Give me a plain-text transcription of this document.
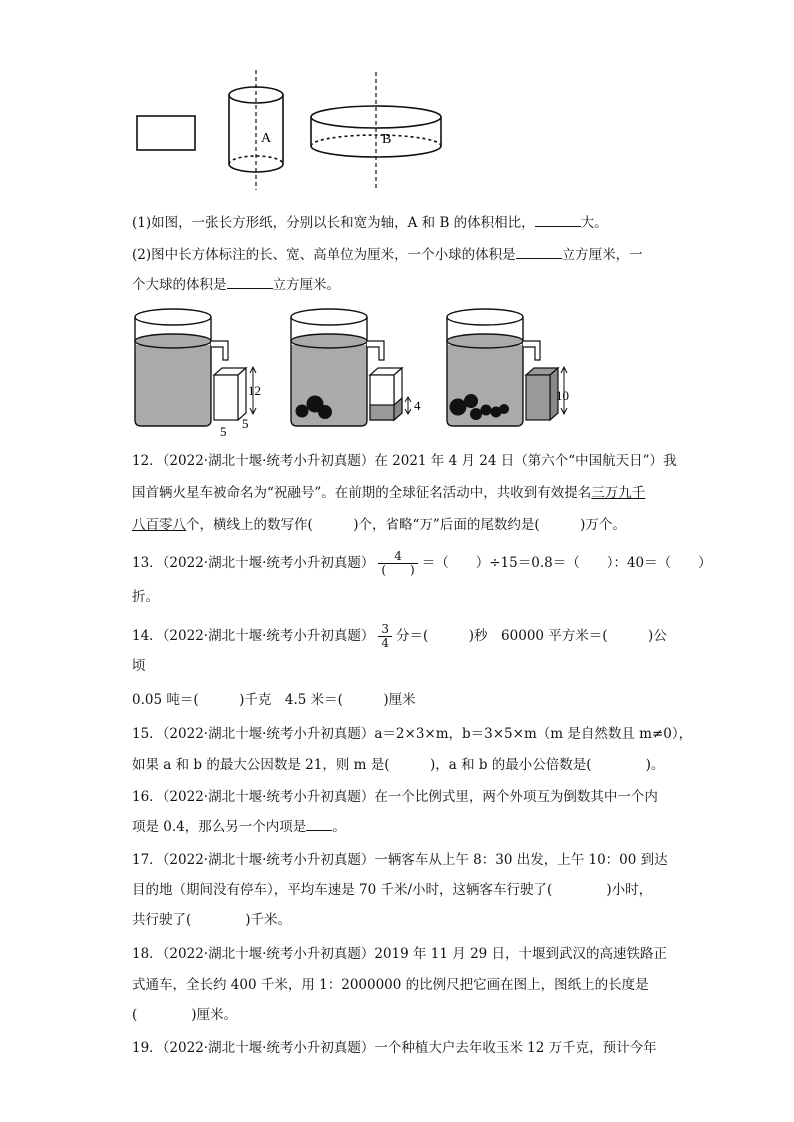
A	B
(1)如图，一张长方形纸，分别以长和宽为轴，A 和 B 的体积相比，	大。
(2)图中长方体标注的长、宽、高单位为厘米，一个小球的体积是	立方厘米，一
个大球的体积是	立方厘米。
12
5
5
4
10
12．（2022·湖北十堰·统考小升初真题）在 2021 年 4 月 24 日（第六个“中国航天日”）我
国首辆火星车被命名为“祝融号”。在前期的全球征名活动中，共收到有效提名三万九千
八百零八个，横线上的数写作(　　　)个，省略“万”后面的尾数约是(　　　)万个。
13．（2022·湖北十堰·统考小升初真题） $\frac{4}{( )}$ ＝（　　）÷15＝0.8＝（　　）：40＝（　　）
折。
14．（2022·湖北十堰·统考小升初真题） $\frac{3}{4}$ 分＝(　　　)秒　60000 平方米＝(　　　)公
顷
0.05 吨＝(　　　)千克　4.5 米＝(　　　)厘米
15．（2022·湖北十堰·统考小升初真题）a＝2×3×m，b＝3×5×m（m 是自然数且 m≠0），
如果 a 和 b 的最大公因数是 21，则 m 是(　　　)，a 和 b 的最小公倍数是(　　　　)。
16．（2022·湖北十堰·统考小升初真题）在一个比例式里，两个外项互为倒数其中一个内
项是 0.4，那么另一个内项是 。
17．（2022·湖北十堰·统考小升初真题）一辆客车从上午 8：30 出发，上午 10：00 到达
目的地（期间没有停车），平均车速是 70 千米/小时，这辆客车行驶了(　　　　)小时，
共行驶了(　　　　)千米。
18．（2022·湖北十堰·统考小升初真题）2019 年 11 月 29 日，十堰到武汉的高速铁路正
式通车，全长约 400 千米，用 1：2000000 的比例尺把它画在图上，图纸上的长度是
(　　　　)厘米。
19．（2022·湖北十堰·统考小升初真题）一个种植大户去年收玉米 12 万千克，预计今年
